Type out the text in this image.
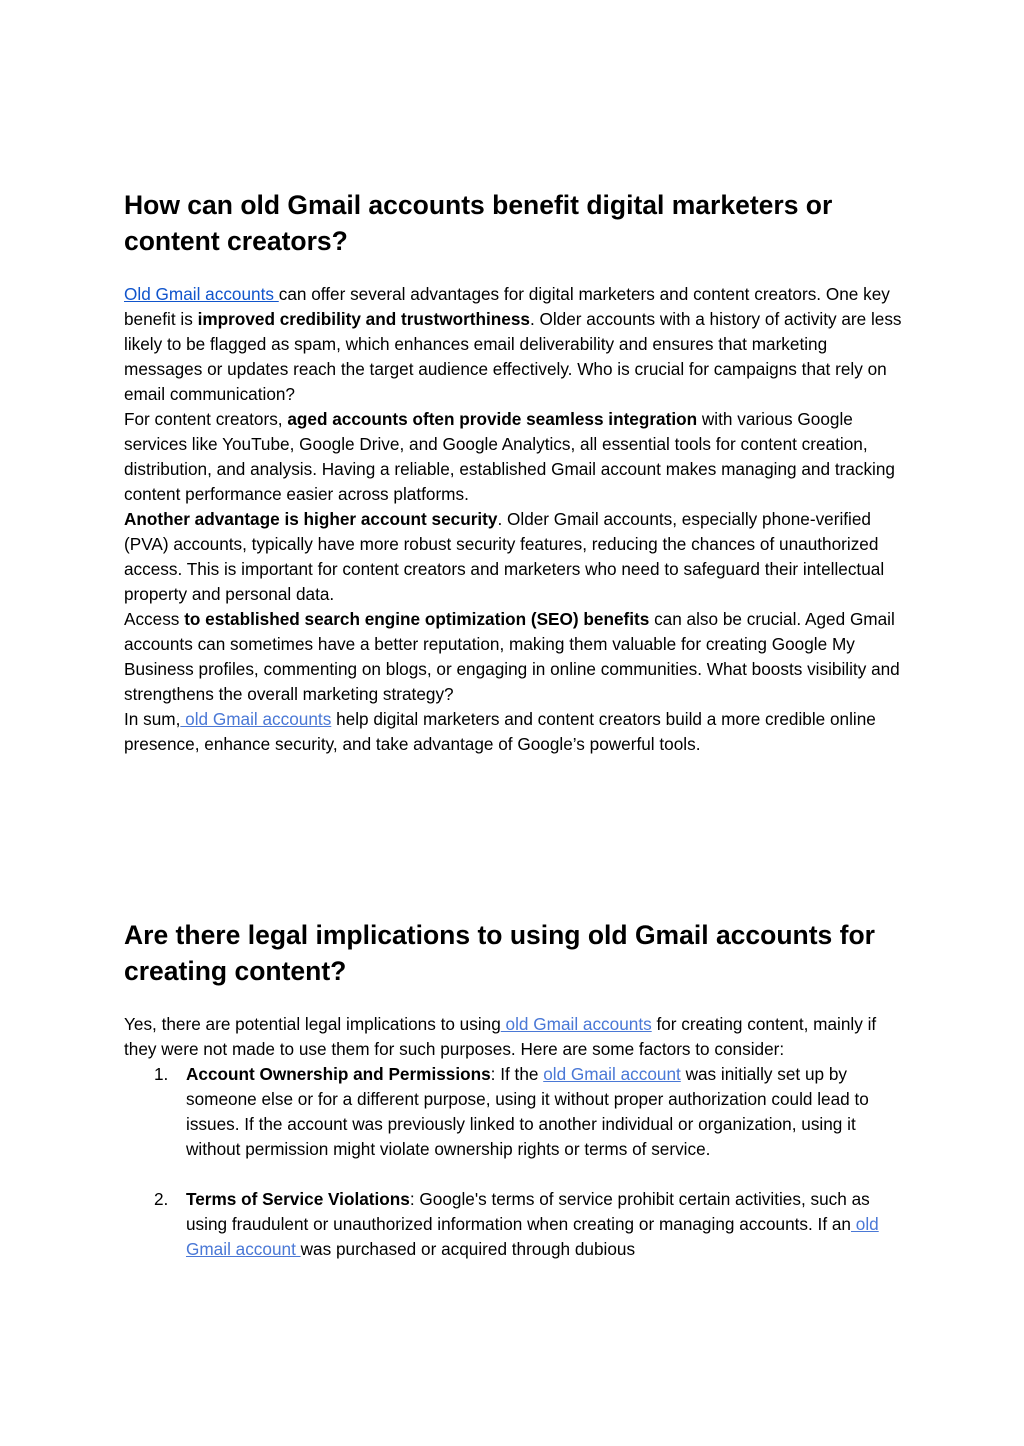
How can old Gmail accounts benefit digital marketers or content creators?

Old Gmail accounts can offer several advantages for digital marketers and content creators. One key benefit is improved credibility and trustworthiness. Older accounts with a history of activity are less likely to be flagged as spam, which enhances email deliverability and ensures that marketing messages or updates reach the target audience effectively. Who is crucial for campaigns that rely on email communication?

For content creators, aged accounts often provide seamless integration with various Google services like YouTube, Google Drive, and Google Analytics, all essential tools for content creation, distribution, and analysis. Having a reliable, established Gmail account makes managing and tracking content performance easier across platforms.

Another advantage is higher account security. Older Gmail accounts, especially phone-verified (PVA) accounts, typically have more robust security features, reducing the chances of unauthorized access. This is important for content creators and marketers who need to safeguard their intellectual property and personal data.

Access to established search engine optimization (SEO) benefits can also be crucial. Aged Gmail accounts can sometimes have a better reputation, making them valuable for creating Google My Business profiles, commenting on blogs, or engaging in online communities. What boosts visibility and strengthens the overall marketing strategy?

In sum, old Gmail accounts help digital marketers and content creators build a more credible online presence, enhance security, and take advantage of Google’s powerful tools.

Are there legal implications to using old Gmail accounts for creating content?

Yes, there are potential legal implications to using old Gmail accounts for creating content, mainly if they were not made to use them for such purposes. Here are some factors to consider:

1. Account Ownership and Permissions: If the old Gmail account was initially set up by someone else or for a different purpose, using it without proper authorization could lead to issues. If the account was previously linked to another individual or organization, using it without permission might violate ownership rights or terms of service.
2. Terms of Service Violations: Google's terms of service prohibit certain activities, such as using fraudulent or unauthorized information when creating or managing accounts. If an old Gmail account was purchased or acquired through dubious
